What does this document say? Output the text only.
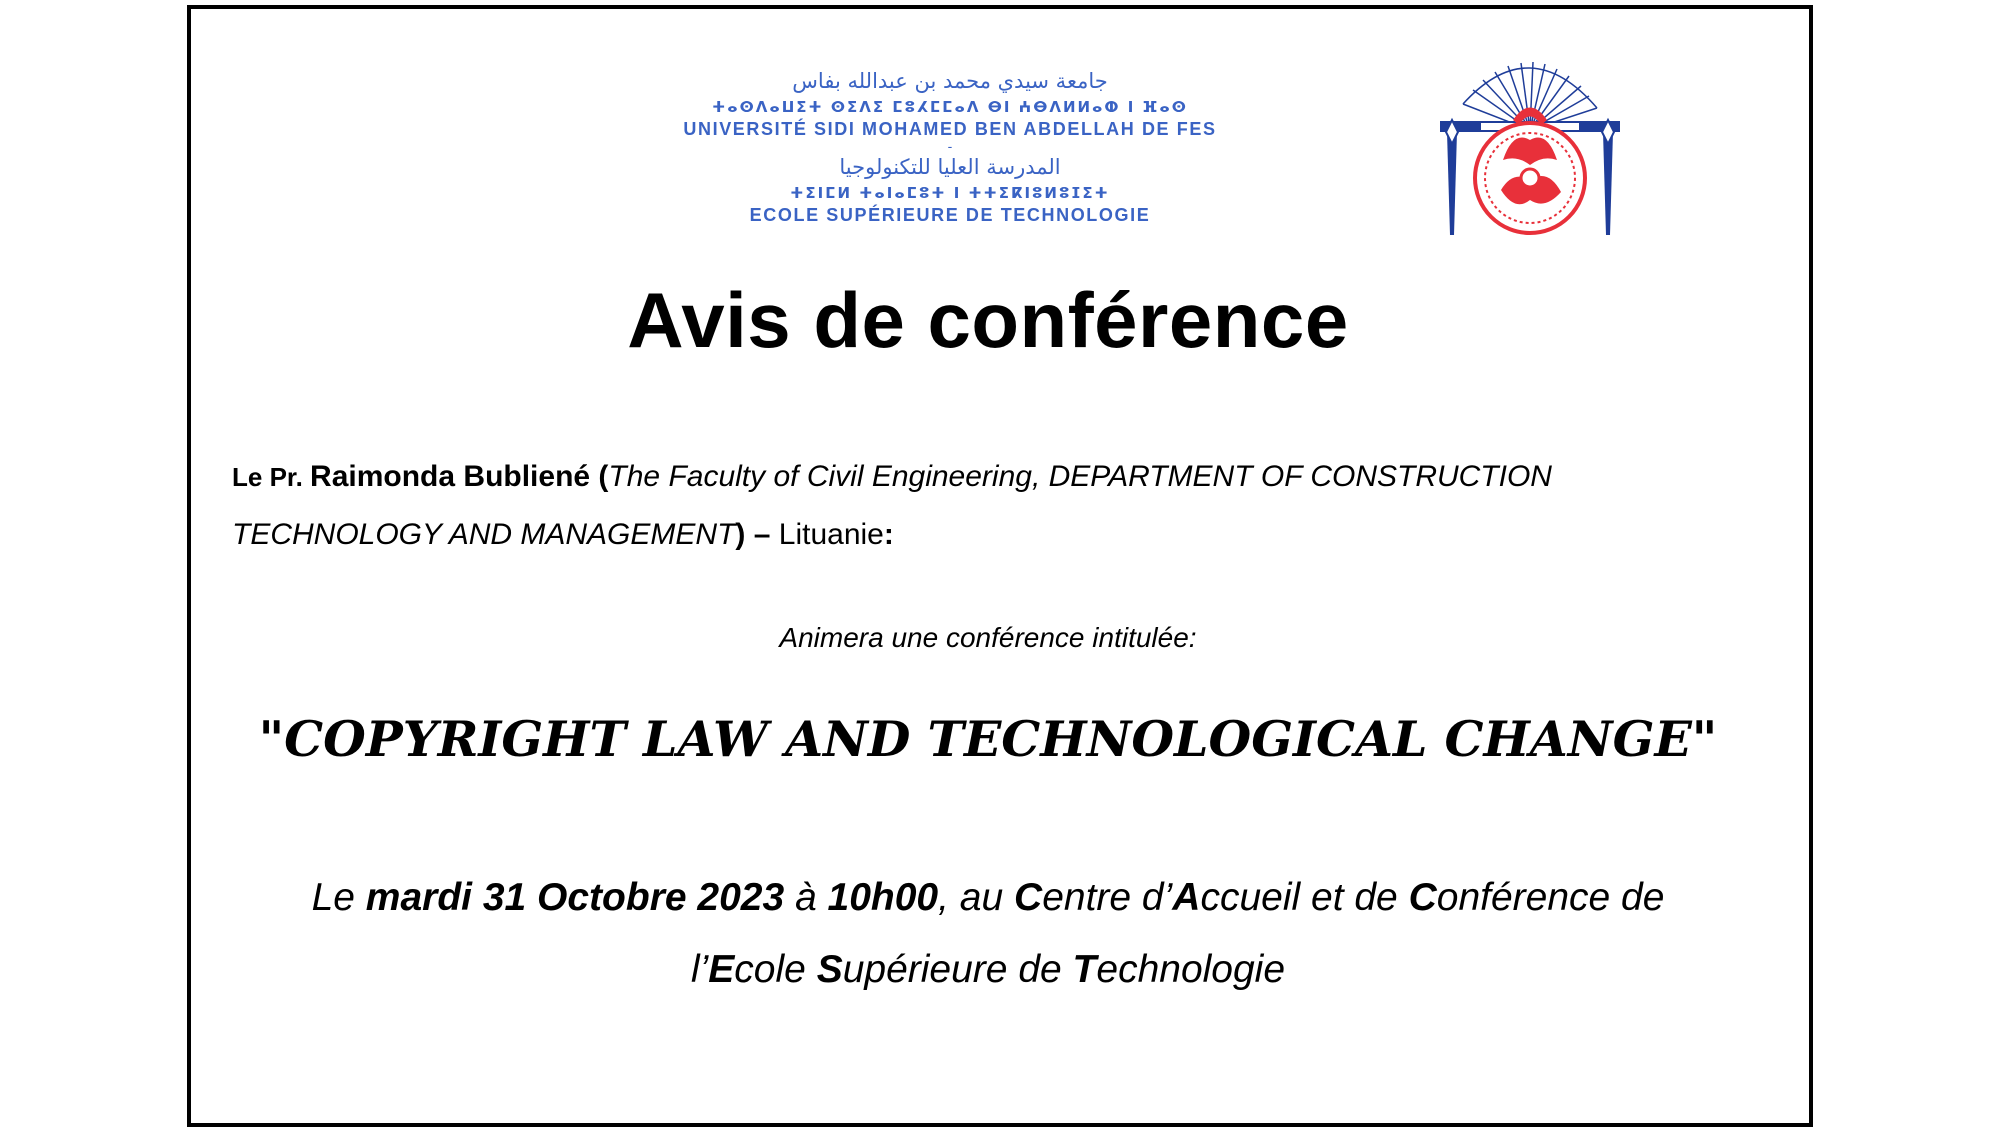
جامعة سيدي محمد بن عبدالله بفاس
ⵜⴰⵙⴷⴰⵡⵉⵜ ⵙⵉⴷⵉ ⵎⵓⵃⵎⵎⴰⴷ ⴱⵏ ⵄⴱⴷⵍⵍⴰⵀ ⵏ ⴼⴰⵙ
UNIVERSITÉ SIDI MOHAMED BEN ABDELLAH DE FES
-
المدرسة العليا للتكنولوجيا
ⵜⵉⵏⵎⵍ ⵜⴰⵏⴰⵎⵓⵜ ⵏ ⵜⵜⵉⴽⵏⵓⵍⵓⵊⵉⵜ
ECOLE SUPÉRIEURE DE TECHNOLOGIE
Avis de conférence
Le Pr. Raimonda Bubliené (The Faculty of Civil Engineering, DEPARTMENT OF CONSTRUCTION
TECHNOLOGY AND MANAGEMENT) – Lituanie:
Animera une conférence intitulée:
"COPYRIGHT LAW AND TECHNOLOGICAL CHANGE"
Le mardi 31 Octobre 2023 à 10h00, au Centre d’Accueil et de Conférence de
l’Ecole Supérieure de Technologie
